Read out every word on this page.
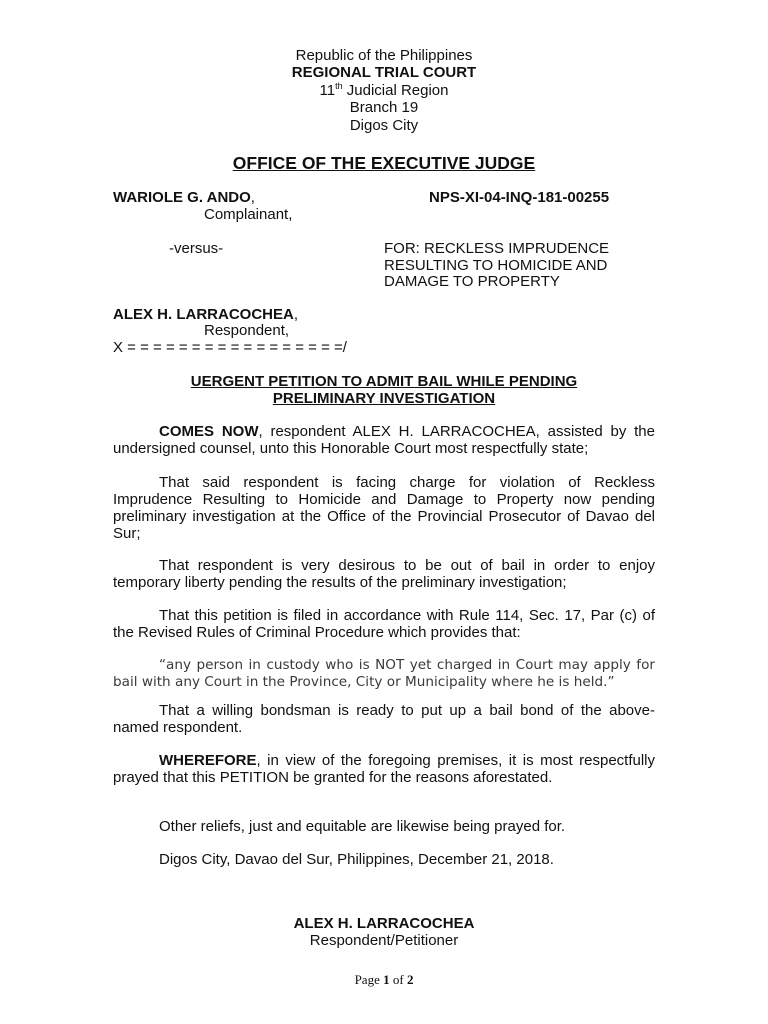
Republic of the Philippines
REGIONAL TRIAL COURT
11th Judicial Region
Branch 19
Digos City
OFFICE OF THE EXECUTIVE JUDGE
WARIOLE G. ANDO,
Complainant,
NPS-XI-04-INQ-181-00255
-versus-	FOR: RECKLESS IMPRUDENCE
RESULTING TO HOMICIDE AND
DAMAGE TO PROPERTY
ALEX H. LARRACOCHEA,
Respondent,
X = = = = = = = = = = = = = = = = =/
UERGENT PETITION TO ADMIT BAIL WHILE PENDING
PRELIMINARY INVESTIGATION
COMES NOW, respondent ALEX H. LARRACOCHEA, assisted by the undersigned counsel, unto this Honorable Court most respectfully state;
That said respondent is facing charge for violation of Reckless Imprudence Resulting to Homicide and Damage to Property now pending preliminary investigation at the Office of the Provincial Prosecutor of Davao del Sur;
That respondent is very desirous to be out of bail in order to enjoy temporary liberty pending the results of the preliminary investigation;
That this petition is filed in accordance with Rule 114, Sec. 17, Par (c) of the Revised Rules of Criminal Procedure which provides that:
“any person in custody who is NOT yet charged in Court may apply for bail with any Court in the Province, City or Municipality where he is held.”
That a willing bondsman is ready to put up a bail bond of the above-named respondent.
WHEREFORE, in view of the foregoing premises, it is most respectfully prayed that this PETITION be granted for the reasons aforestated.
Other reliefs, just and equitable are likewise being prayed for.
Digos City, Davao del Sur, Philippines, December 21, 2018.
ALEX H. LARRACOCHEA
Respondent/Petitioner
Page 1 of 2
